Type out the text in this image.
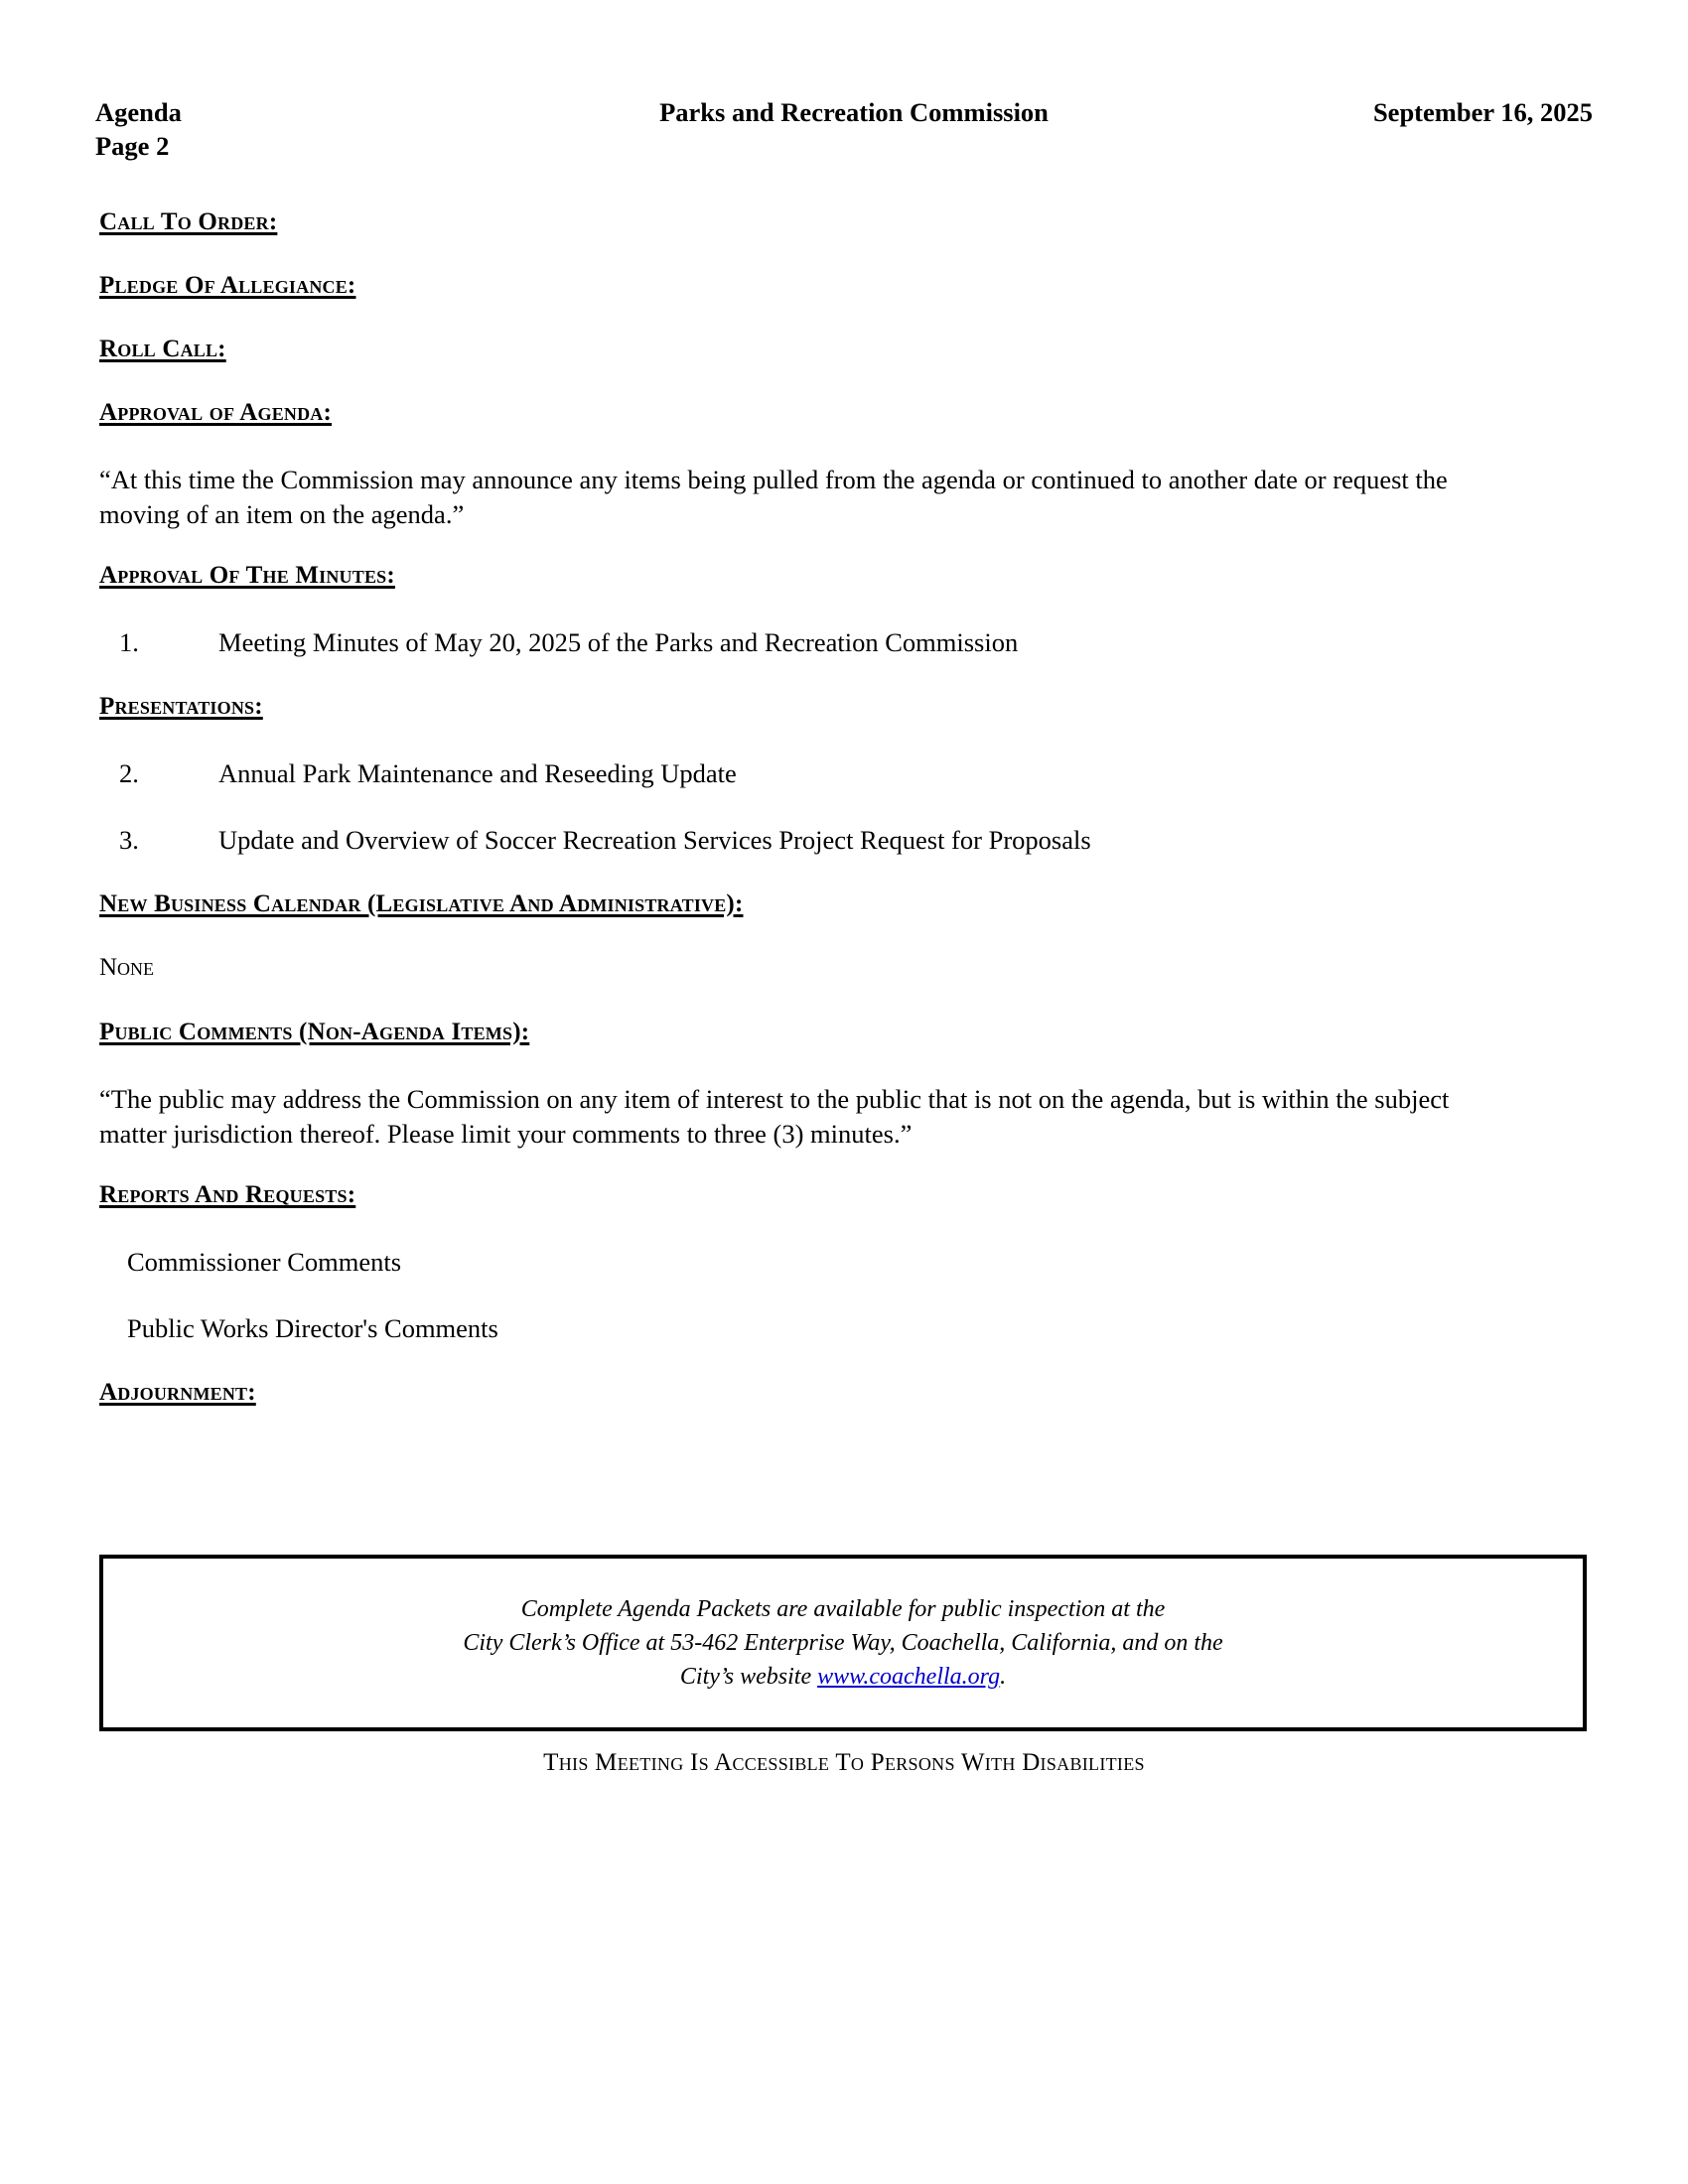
Agenda
Page 2
Parks and Recreation Commission	September 16, 2025
Call To Order:
Pledge Of Allegiance:
Roll Call:
Approval of Agenda:
“At this time the Commission may announce any items being pulled from the agenda or continued to another date or request the moving of an item on the agenda.”
Approval Of The Minutes:
1.	Meeting Minutes of May 20, 2025 of the Parks and Recreation Commission
Presentations:
2.	Annual Park Maintenance and Reseeding Update
3.	Update and Overview of Soccer Recreation Services Project Request for Proposals
New Business Calendar (Legislative And Administrative):
None
Public Comments (Non-Agenda Items):
“The public may address the Commission on any item of interest to the public that is not on the agenda, but is within the subject matter jurisdiction thereof. Please limit your comments to three (3) minutes.”
Reports And Requests:
Commissioner Comments
Public Works Director's Comments
Adjournment:
Complete Agenda Packets are available for public inspection at the
City Clerk’s Office at 53-462 Enterprise Way, Coachella, California, and on the
City’s website www.coachella.org.
This Meeting Is Accessible To Persons With Disabilities
